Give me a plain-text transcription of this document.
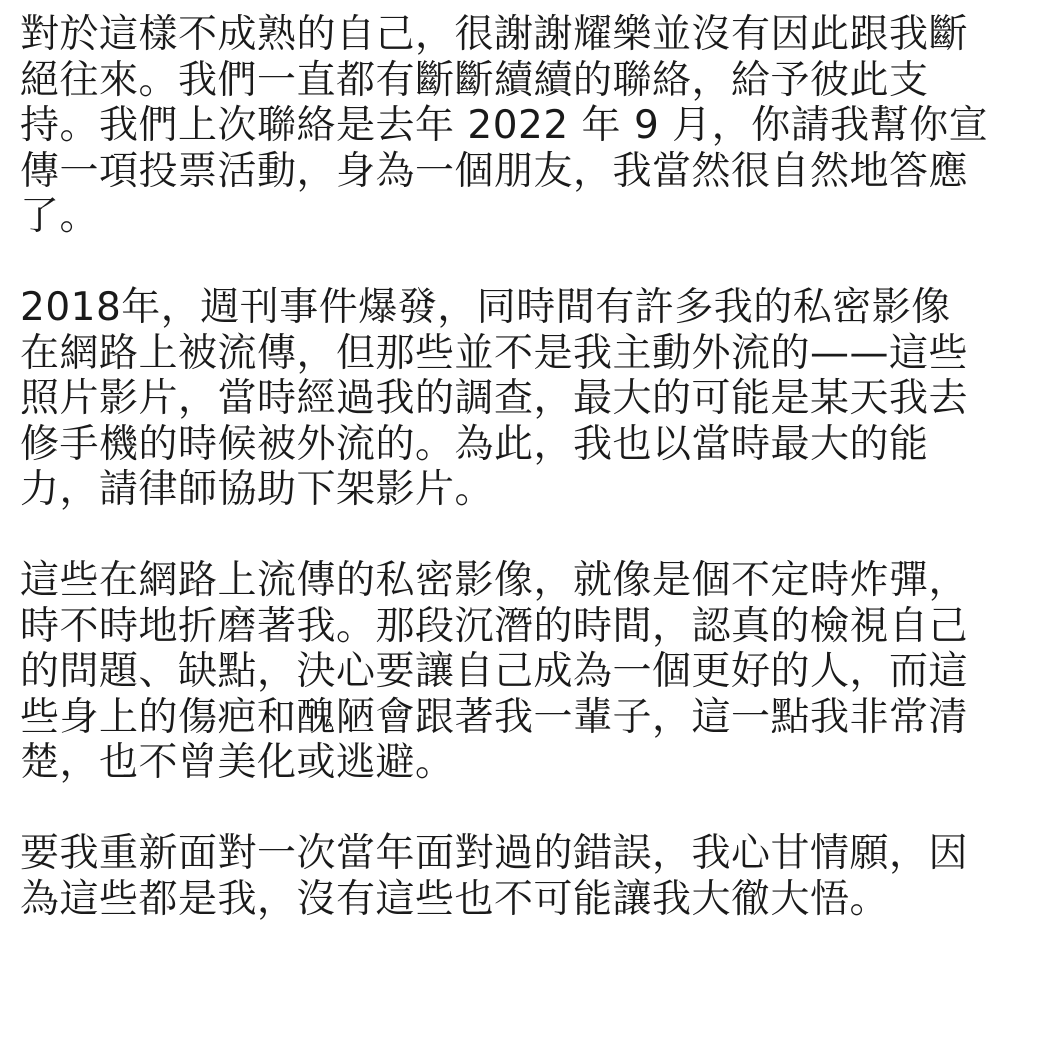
對於這樣不成熟的自己，很謝謝耀樂並沒有因此跟我斷
絕往來。我們一直都有斷斷續續的聯絡，給予彼此支
持。我們上次聯絡是去年 2022 年 9 月，你請我幫你宣
傳一項投票活動，身為一個朋友，我當然很自然地答應
了。
2018年，週刊事件爆發，同時間有許多我的私密影像
在網路上被流傳，但那些並不是我主動外流的——這些
照片影片，當時經過我的調查，最大的可能是某天我去
修手機的時候被外流的。為此，我也以當時最大的能
力，請律師協助下架影片。
這些在網路上流傳的私密影像，就像是個不定時炸彈，
時不時地折磨著我。那段沉潛的時間，認真的檢視自己
的問題、缺點，決心要讓自己成為一個更好的人，而這
些身上的傷疤和醜陋會跟著我一輩子，這一點我非常清
楚，也不曾美化或逃避。
要我重新面對一次當年面對過的錯誤，我心甘情願，因
為這些都是我，沒有這些也不可能讓我大徹大悟。
